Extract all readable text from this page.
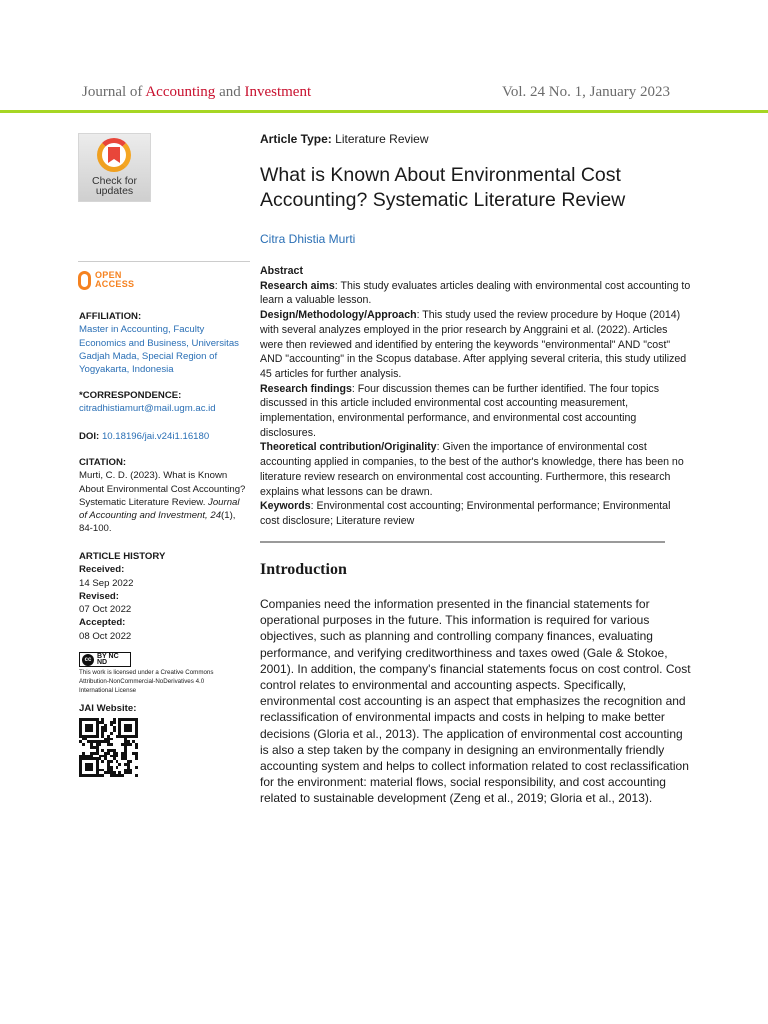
Journal of Accounting and Investment	Vol. 24 No. 1, January 2023
Check for
updates
OPEN
ACCESS
AFFILIATION:
Master in Accounting, Faculty Economics and Business, Universitas Gadjah Mada, Special Region of Yogyakarta, Indonesia
*CORRESPONDENCE:
citradhistiamurt@mail.ugm.ac.id
DOI: 10.18196/jai.v24i1.16180
CITATION:
Murti, C. D. (2023). What is Known About Environmental Cost Accounting? Systematic Literature Review. Journal of Accounting and Investment, 24(1), 84-100.
ARTICLE HISTORY
Received:
14 Sep 2022

Revised:
07 Oct 2022

Accepted:
08 Oct 2022
cc BY NC ND
This work is licensed under a Creative Commons Attribution-NonCommercial-NoDerivatives 4.0 International License
JAI Website:
Article Type: Literature Review
What is Known About Environmental Cost Accounting? Systematic Literature Review
Citra Dhistia Murti

Abstract

Research aims: This study evaluates articles dealing with environmental cost accounting to learn a valuable lesson.

Design/Methodology/Approach: This study used the review procedure by Hoque (2014) with several analyzes employed in the prior research by Anggraini et al. (2022). Articles were then reviewed and identified by entering the keywords "environmental" AND "cost" AND "accounting" in the Scopus database. After applying several criteria, this study utilized 45 articles for further analysis.

Research findings: Four discussion themes can be further identified. The four topics discussed in this article included environmental cost accounting measurement, implementation, environmental performance, and environmental cost accounting disclosures.

Theoretical contribution/Originality: Given the importance of environmental cost accounting applied in companies, to the best of the author's knowledge, there has been no literature review research on environmental cost accounting. Furthermore, this research explains what lessons can be drawn.

Keywords: Environmental cost accounting; Environmental performance; Environmental cost disclosure; Literature review

Introduction

Companies need the information presented in the financial statements for operational purposes in the future. This information is required for various objectives, such as planning and controlling company finances, evaluating performance, and verifying creditworthiness and taxes owed (Gale & Stokoe, 2001). In addition, the company's financial statements focus on cost control. Cost control relates to environmental and accounting aspects. Specifically, environmental cost accounting is an aspect that emphasizes the recognition and reclassification of environmental impacts and costs in helping to make better decisions (Gloria et al., 2013). The application of environmental cost accounting is also a step taken by the company in designing an environmentally friendly accounting system and helps to collect information related to cost reclassification for the environment: material flows, social responsibility, and cost accounting related to sustainable development (Zeng et al., 2019; Gloria et al., 2013).
